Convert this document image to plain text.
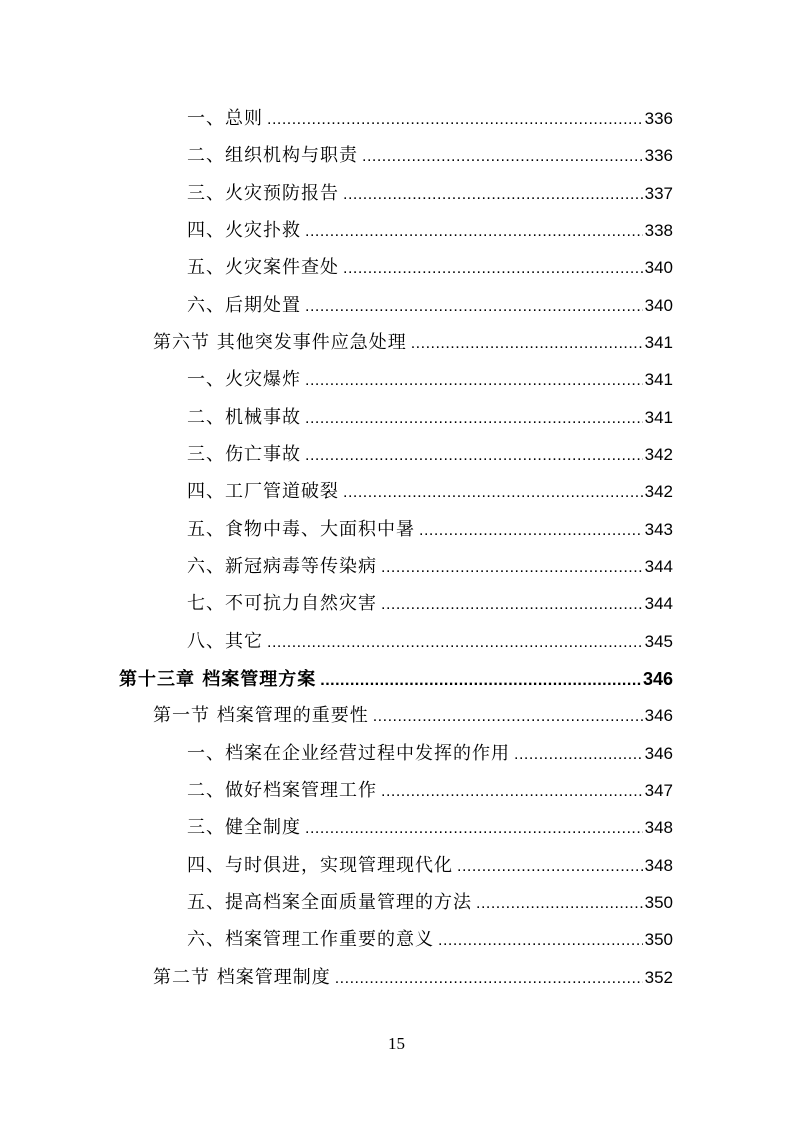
一、总则 .....	336
二、组织机构与职责 .....	336
三、火灾预防报告 .....	337
四、火灾扑救 .....	338
五、火灾案件查处 .....	340
六、后期处置 .....	340
第六节 其他突发事件应急处理 .....	341
一、火灾爆炸 .....	341
二、机械事故 .....	341
三、伤亡事故 .....	342
四、工厂管道破裂 .....	342
五、食物中毒、大面积中暑 .....	343
六、新冠病毒等传染病 .....	344
七、不可抗力自然灾害 .....	344
八、其它 .....	345
第十三章 档案管理方案 .....	346
第一节 档案管理的重要性 .....	346
一、档案在企业经营过程中发挥的作用 .....	346
二、做好档案管理工作 .....	347
三、健全制度 .....	348
四、与时俱进，实现管理现代化 .....	348
五、提高档案全面质量管理的方法 .....	350
六、档案管理工作重要的意义 .....	350
第二节 档案管理制度 .....	352
15
